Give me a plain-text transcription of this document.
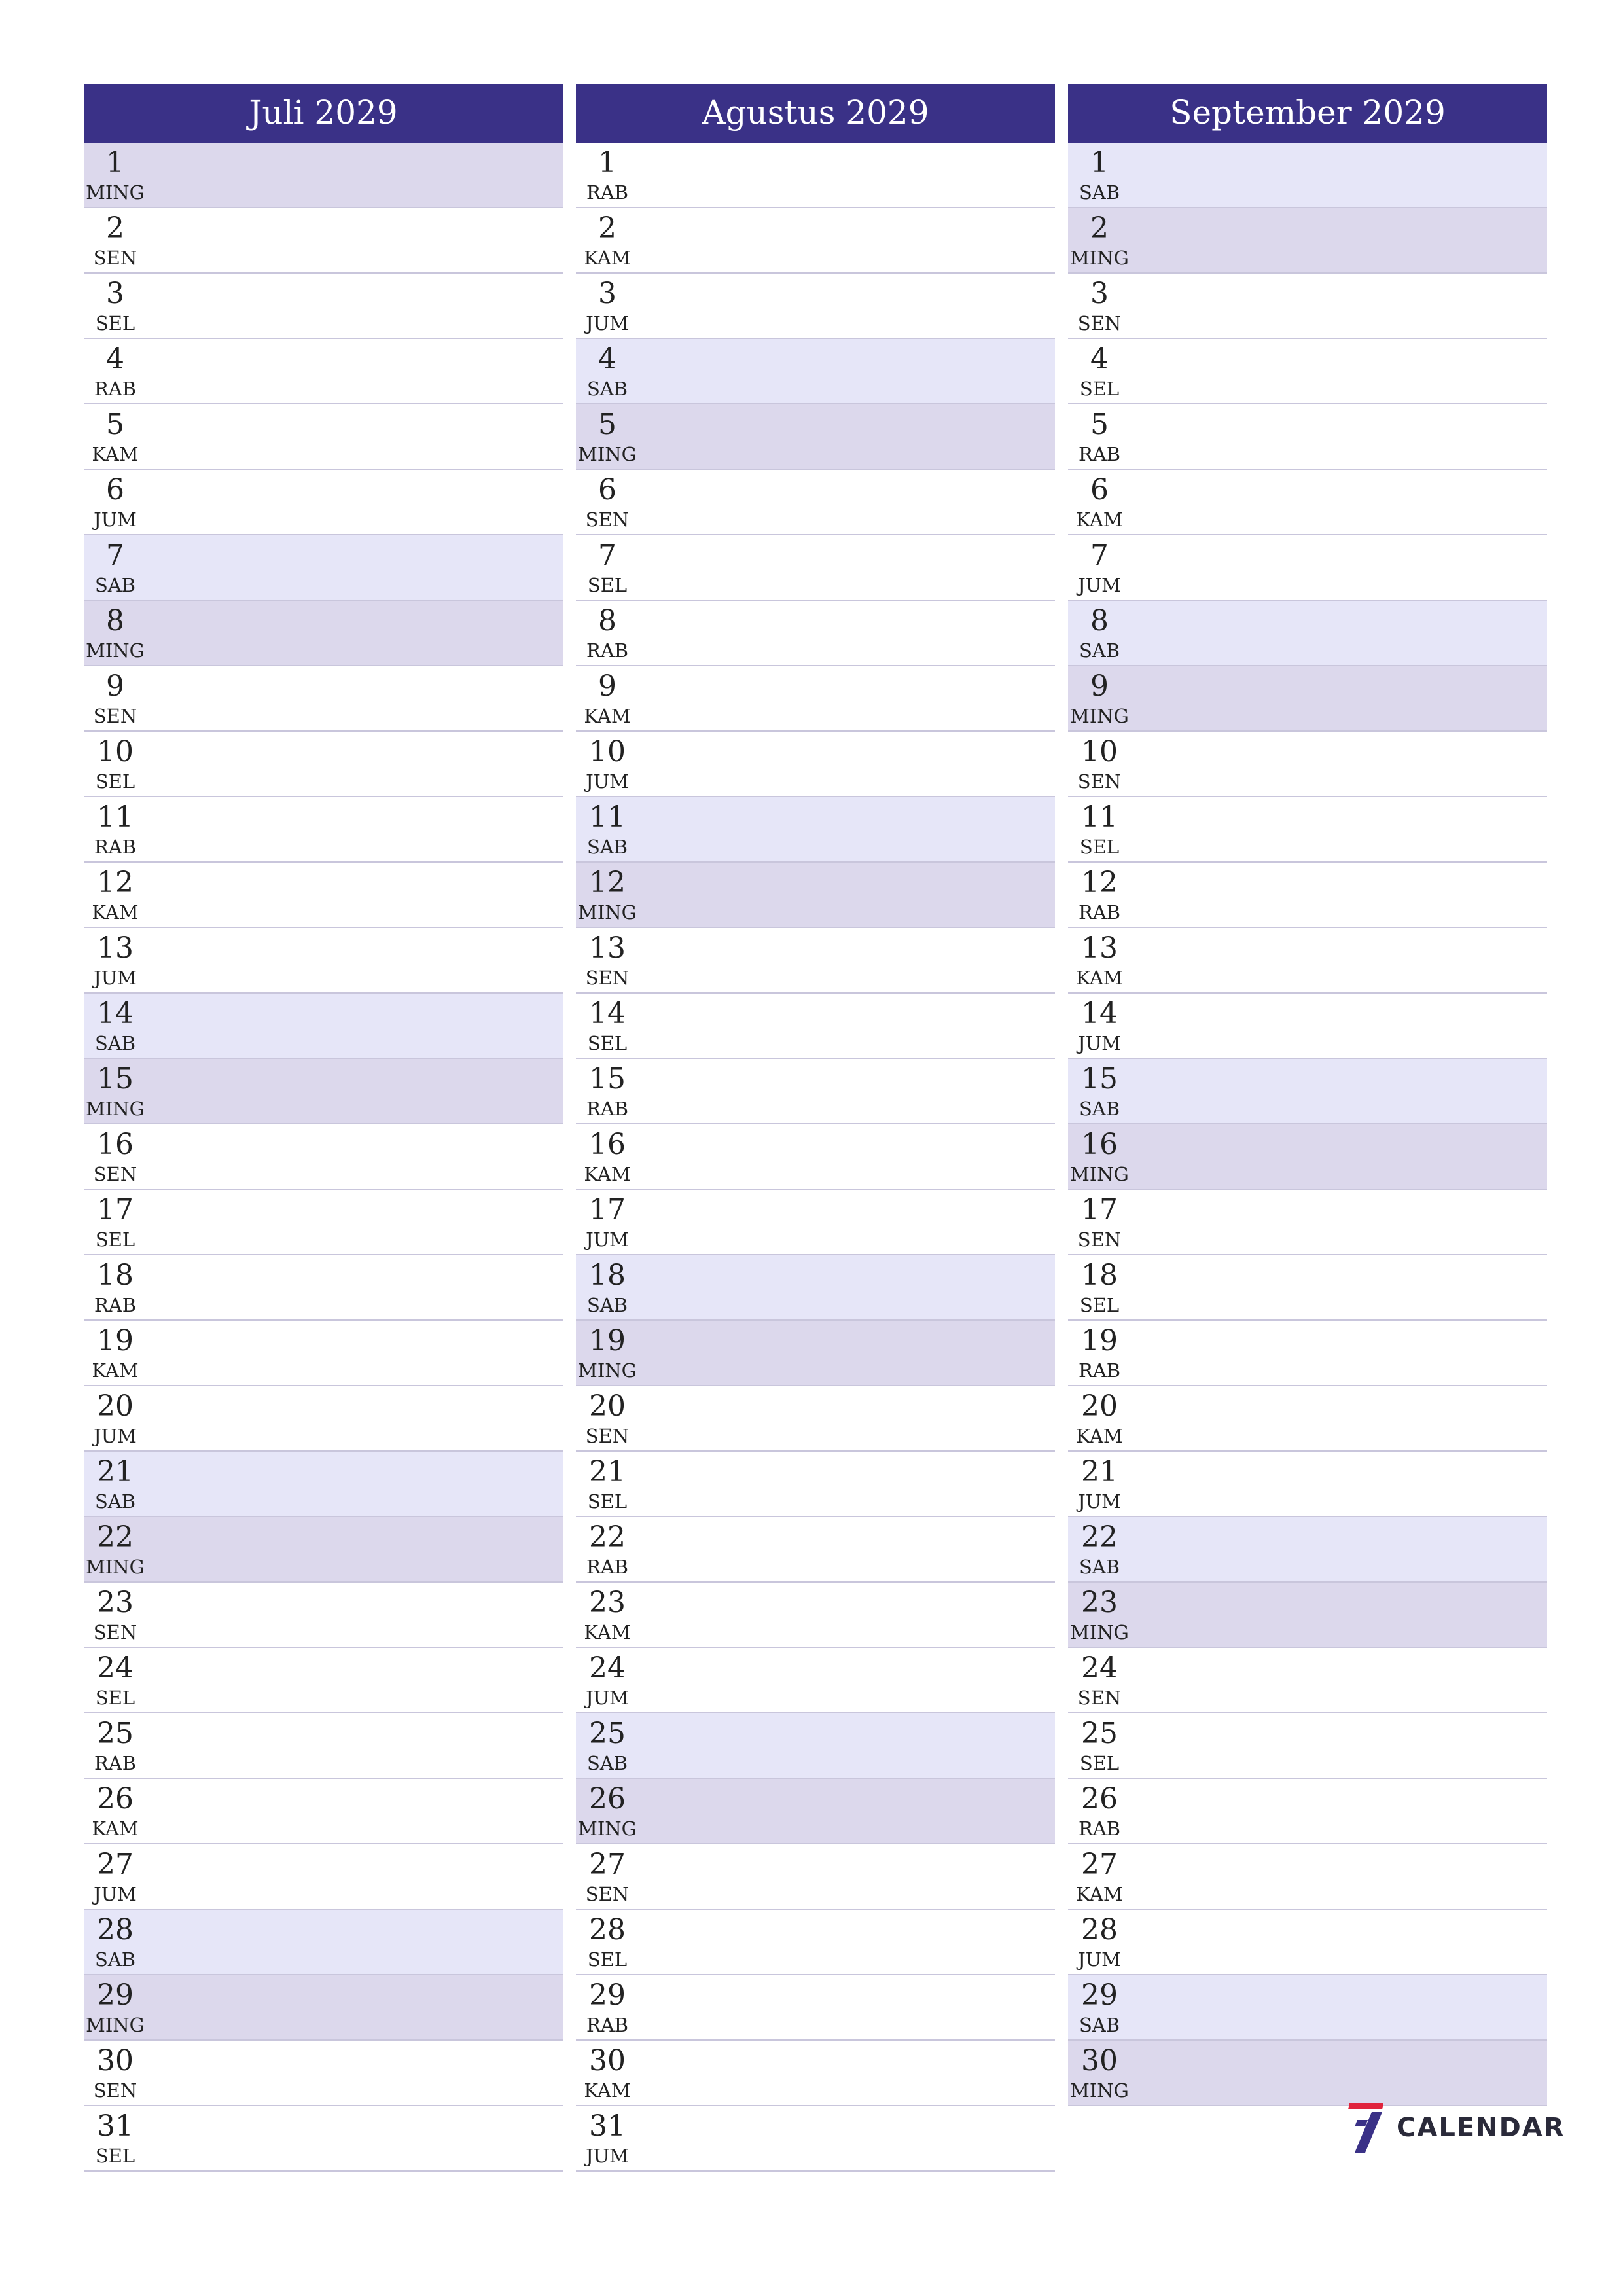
Juli 2029
1
MING
2
SEN
3
SEL
4
RAB
5
KAM
6
JUM
7
SAB
8
MING
9
SEN
10
SEL
11
RAB
12
KAM
13
JUM
14
SAB
15
MING
16
SEN
17
SEL
18
RAB
19
KAM
20
JUM
21
SAB
22
MING
23
SEN
24
SEL
25
RAB
26
KAM
27
JUM
28
SAB
29
MING
30
SEN
31
SEL
Agustus 2029
1
RAB
2
KAM
3
JUM
4
SAB
5
MING
6
SEN
7
SEL
8
RAB
9
KAM
10
JUM
11
SAB
12
MING
13
SEN
14
SEL
15
RAB
16
KAM
17
JUM
18
SAB
19
MING
20
SEN
21
SEL
22
RAB
23
KAM
24
JUM
25
SAB
26
MING
27
SEN
28
SEL
29
RAB
30
KAM
31
JUM
September 2029
1
SAB
2
MING
3
SEN
4
SEL
5
RAB
6
KAM
7
JUM
8
SAB
9
MING
10
SEN
11
SEL
12
RAB
13
KAM
14
JUM
15
SAB
16
MING
17
SEN
18
SEL
19
RAB
20
KAM
21
JUM
22
SAB
23
MING
24
SEN
25
SEL
26
RAB
27
KAM
28
JUM
29
SAB
30
MING
CALENDAR
